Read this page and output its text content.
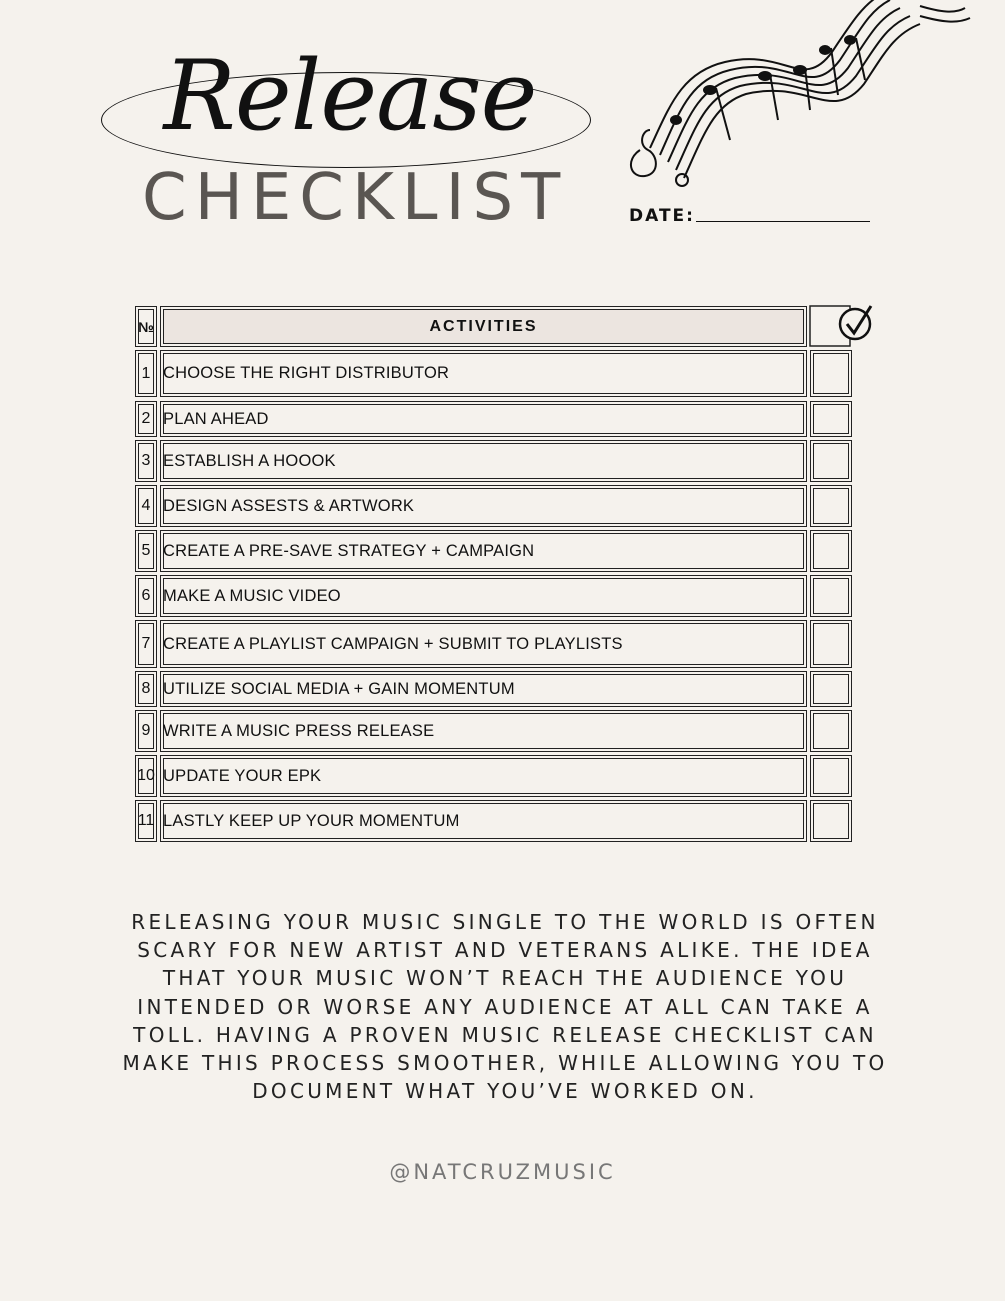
Release
CHECKLIST	DATE:
№	ACTIVITIES
1 CHOOSE THE RIGHT DISTRIBUTOR
2 PLAN AHEAD
3 ESTABLISH A HOOOK
4 DESIGN ASSESTS & ARTWORK
5 CREATE A PRE-SAVE STRATEGY + CAMPAIGN
6 MAKE A MUSIC VIDEO
7 CREATE A PLAYLIST CAMPAIGN + SUBMIT TO PLAYLISTS
8 UTILIZE SOCIAL MEDIA + GAIN MOMENTUM
9 WRITE A MUSIC PRESS RELEASE
10 UPDATE YOUR EPK
11 LASTLY KEEP UP YOUR MOMENTUM
RELEASING YOUR MUSIC SINGLE TO THE WORLD IS OFTEN SCARY FOR NEW ARTIST AND VETERANS ALIKE. THE IDEA THAT YOUR MUSIC WON’T REACH THE AUDIENCE YOU INTENDED OR WORSE ANY AUDIENCE AT ALL CAN TAKE A TOLL. HAVING A PROVEN MUSIC RELEASE CHECKLIST CAN MAKE THIS PROCESS SMOOTHER, WHILE ALLOWING YOU TO DOCUMENT WHAT YOU’VE WORKED ON.
@NATCRUZMUSIC
